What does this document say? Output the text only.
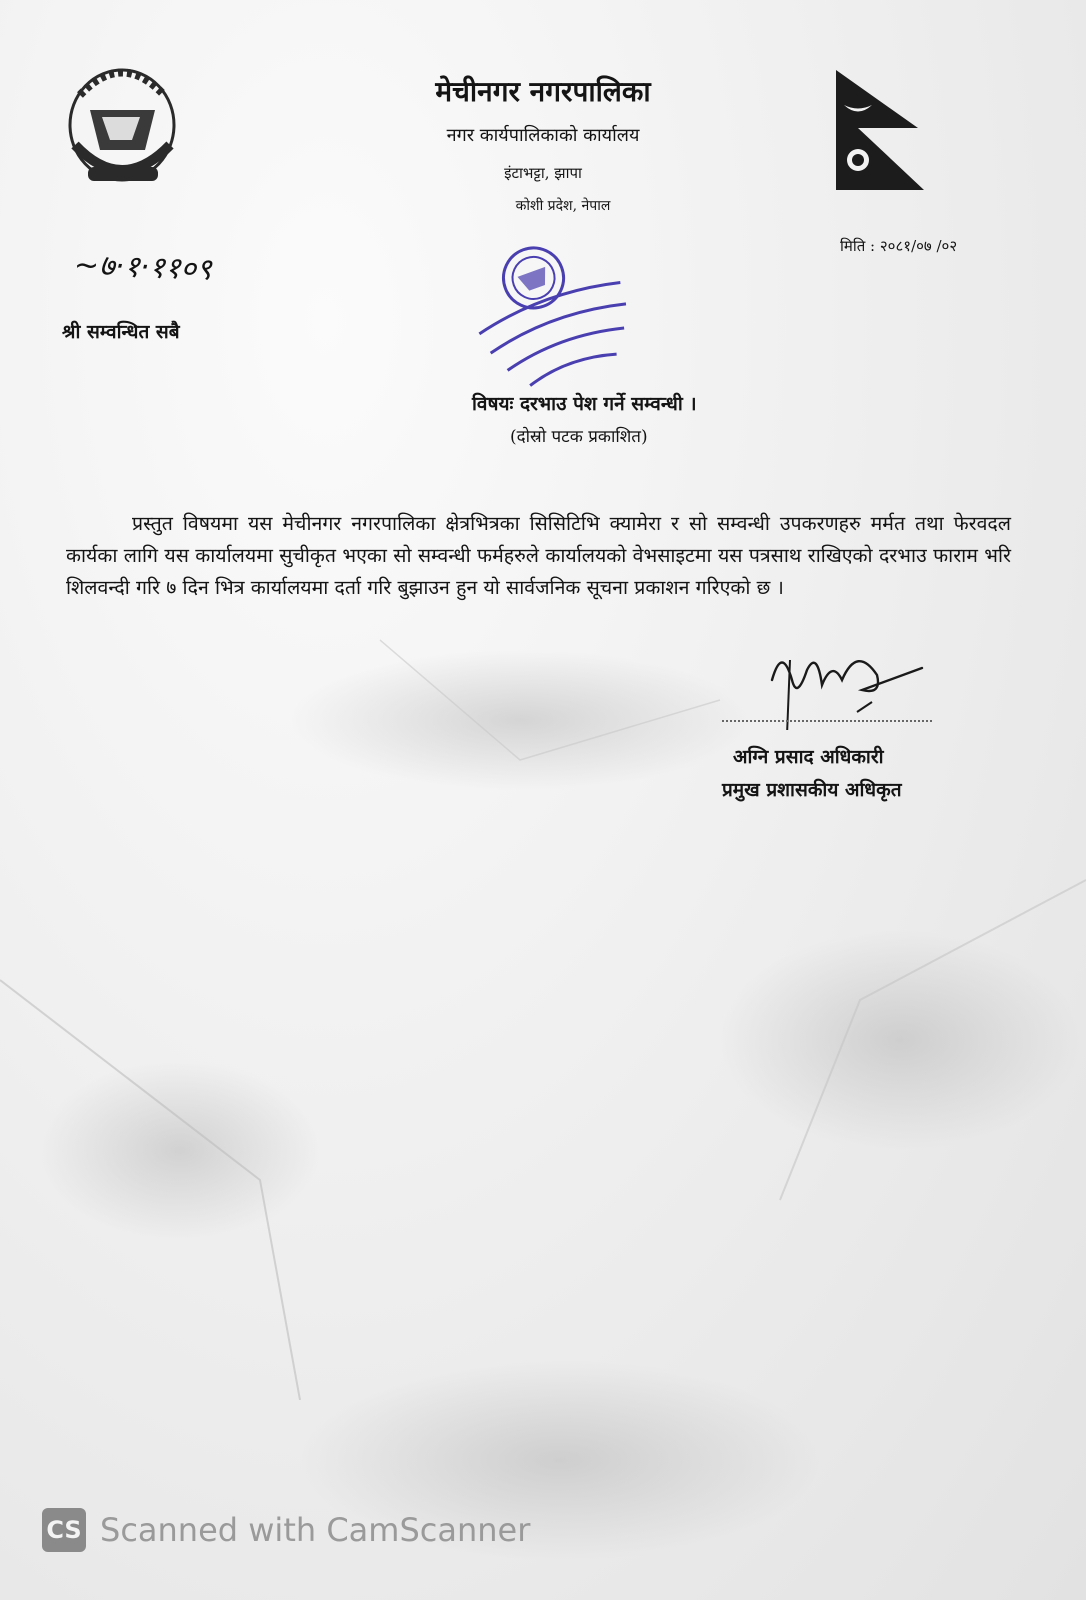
मेचीनगर नगरपालिका
नगर कार्यपालिकाको कार्यालय
इंटाभट्टा, झापा
कोशी प्रदेश, नेपाल
मिति : २०८१/०७ /०२
~७·१·११०९
श्री सम्वन्धित सबै
विषयः दरभाउ पेश गर्ने सम्वन्धी ।
(दोस्रो पटक प्रकाशित)
प्रस्तुत विषयमा यस मेचीनगर नगरपालिका क्षेत्रभित्रका सिसिटिभि क्यामेरा र सो सम्वन्धी उपकरणहरु मर्मत तथा फेरवदल कार्यका लागि यस कार्यालयमा सुचीकृत भएका सो सम्वन्धी फर्महरुले कार्यालयको वेभसाइटमा यस पत्रसाथ राखिएको दरभाउ फाराम भरि शिलवन्दी गरि ७ दिन भित्र कार्यालयमा दर्ता गरि बुझाउन हुन यो सार्वजनिक सूचना प्रकाशन गरिएको छ ।
अग्नि प्रसाद अधिकारी
प्रमुख प्रशासकीय अधिकृत
CS Scanned with CamScanner
